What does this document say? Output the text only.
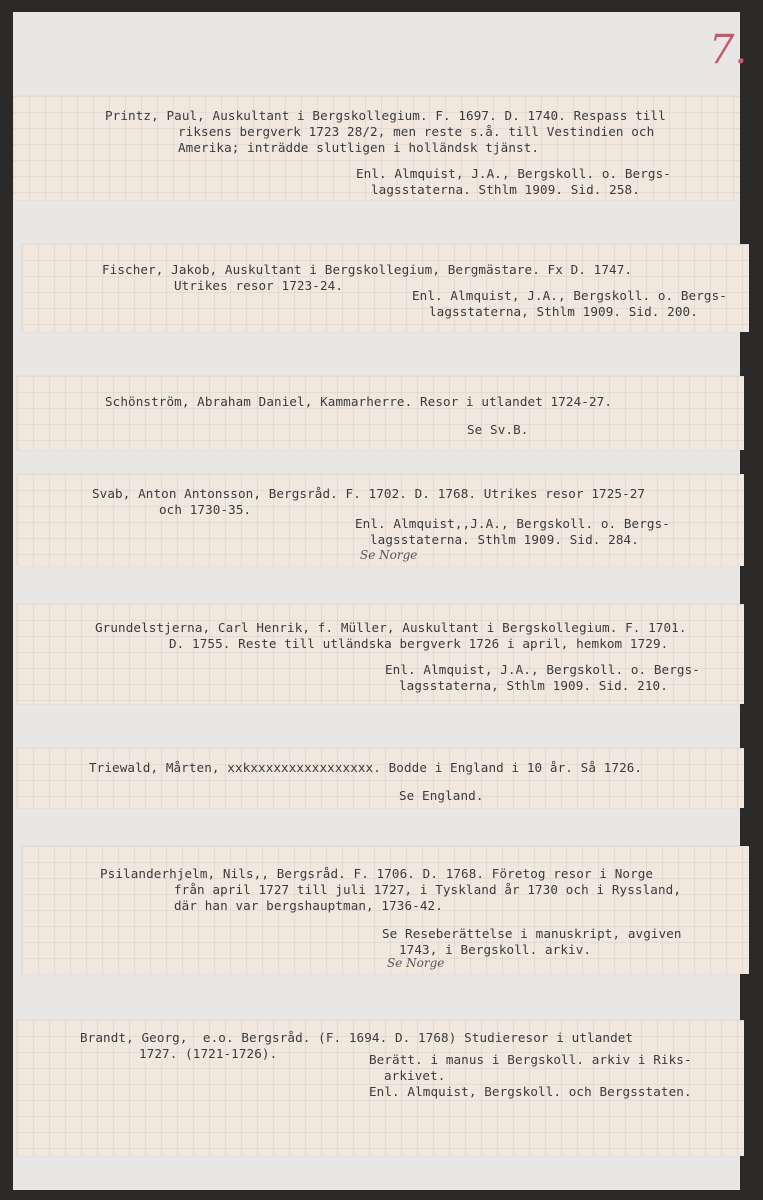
7.
Printz, Paul, Auskultant i Bergskollegium. F. 1697. D. 1740. Respass till
riksens bergverk 1723 28/2, men reste s.å. till Vestindien och
Amerika; inträdde slutligen i holländsk tjänst.
Enl. Almquist, J.A., Bergskoll. o. Bergs-
lagsstaterna. Sthlm 1909. Sid. 258.
Fischer, Jakob, Auskultant i Bergskollegium, Bergmästare. Fx D. 1747.
Utrikes resor 1723-24.
Enl. Almquist, J.A., Bergskoll. o. Bergs-
lagsstaterna, Sthlm 1909. Sid. 200.
Schönström, Abraham Daniel, Kammarherre. Resor i utlandet 1724-27.
Se Sv.B.
Svab, Anton Antonsson, Bergsråd. F. 1702. D. 1768. Utrikes resor 1725-27
och 1730-35.
Enl. Almquist,,J.A., Bergskoll. o. Bergs-
lagsstaterna. Sthlm 1909. Sid. 284.
Se Norge
Grundelstjerna, Carl Henrik, f. Müller, Auskultant i Bergskollegium. F. 1701.
D. 1755. Reste till utländska bergverk 1726 i april, hemkom 1729.
Enl. Almquist, J.A., Bergskoll. o. Bergs-
lagsstaterna, Sthlm 1909. Sid. 210.
Triewald, Mårten, xxkxxxxxxxxxxxxxxxx. Bodde i England i 10 år. Så 1726.
Se England.
Psilanderhjelm, Nils,, Bergsråd. F. 1706. D. 1768. Företog resor i Norge
från april 1727 till juli 1727, i Tyskland år 1730 och i Ryssland,
där han var bergshauptman, 1736-42.
Se Reseberättelse i manuskript, avgiven
1743, i Bergskoll. arkiv.
Se Norge
Brandt, Georg,  e.o. Bergsråd. (F. 1694. D. 1768) Studieresor i utlandet
1727. (1721-1726).	Berätt. i manus i Bergskoll. arkiv i Riks-
arkivet.
Enl. Almquist, Bergskoll. och Bergsstaten.
